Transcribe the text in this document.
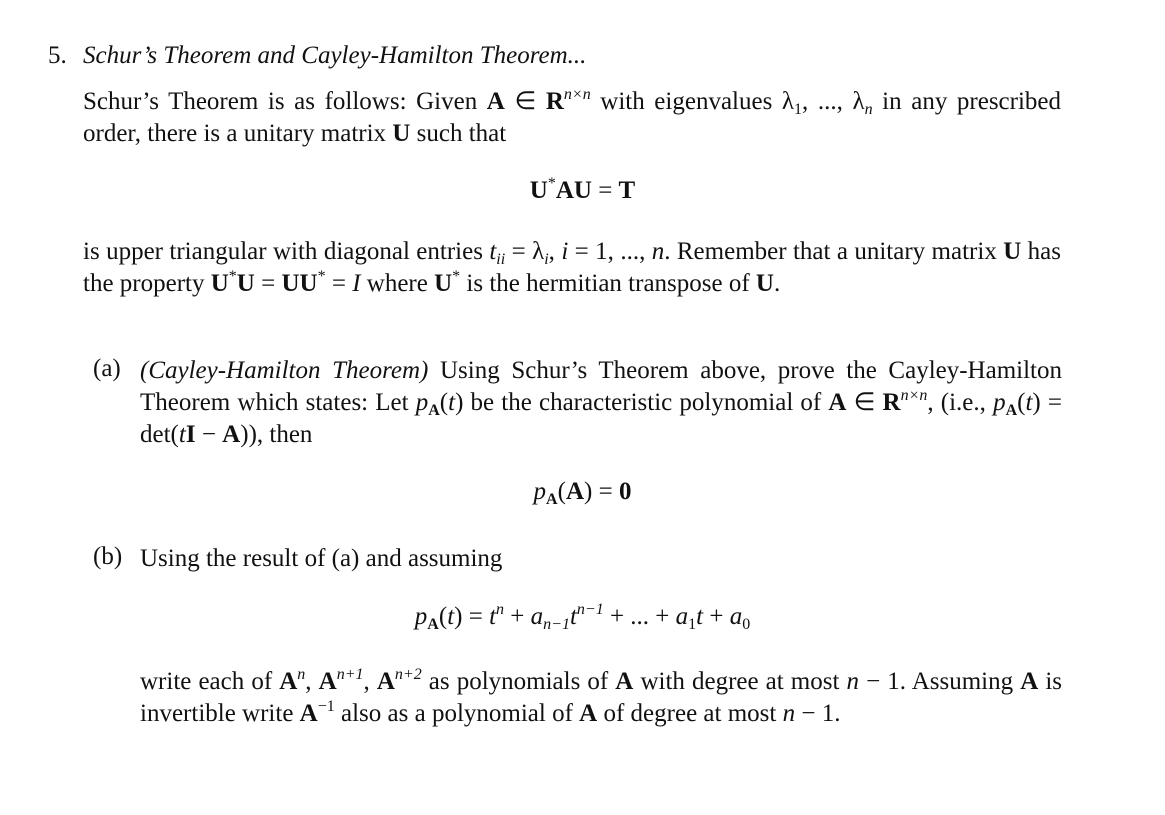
5. Schur’s Theorem and Cayley-Hamilton Theorem...
Schur’s Theorem is as follows: Given A ∈ $R^{n\times n}$ with eigenvalues $\lambda_1$, ..., $\lambda_n$ in any prescribed order, there is a unitary matrix U such that
U*AU = T
is upper triangular with diagonal entries $t_{ii} = \lambda_i$, i = 1, ..., n. Remember that a unitary matrix U has the property U*U = UU* = I where U* is the hermitian transpose of U.
(a) (Cayley-Hamilton Theorem) Using Schur’s Theorem above, prove the Cayley-Hamilton Theorem which states: Let $p_A(t)$ be the characteristic polynomial of A ∈ $R^{n\times n}$, (i.e., $p_A(t) = \det(tI - A)$), then
$p_A(A) = 0$
(b) Using the result of (a) and assuming
$p_A(t) = t^n + a_{n-1}t^{n-1}$ + ... + $a_1t + a_0$
write each of $A^n$, $A^{n+1}$, $A^{n+2}$ as polynomials of A with degree at most n − 1. Assuming A is invertible write $A^{-1}$ also as a polynomial of A of degree at most n − 1.
